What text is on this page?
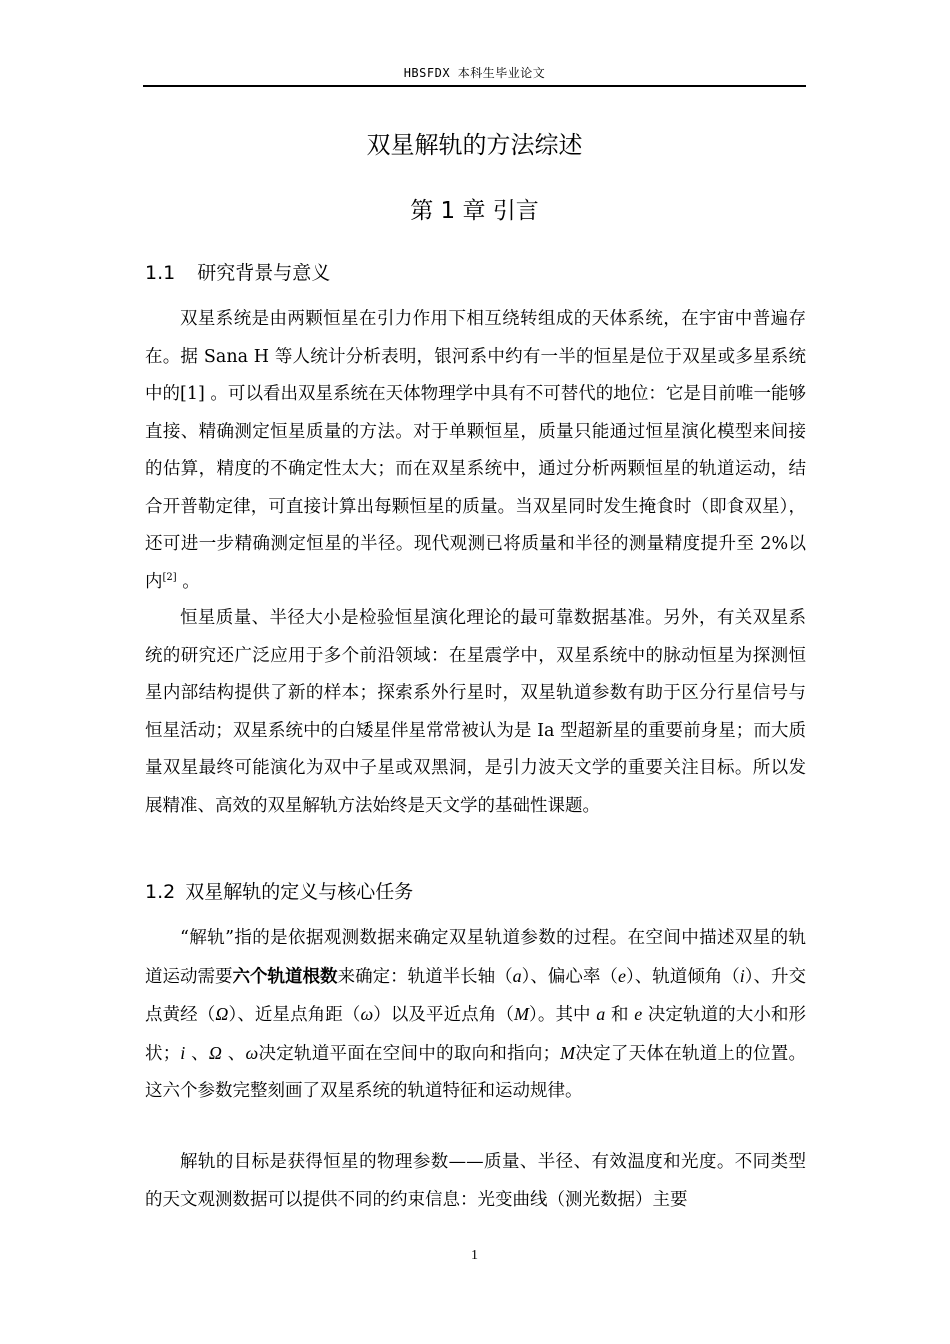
HBSFDX 本科生毕业论文
双星解轨的方法综述
第 1 章 引言
1.1 研究背景与意义

双星系统是由两颗恒星在引力作用下相互绕转组成的天体系统，在宇宙中普遍存在。据 Sana H 等人统计分析表明，银河系中约有一半的恒星是位于双星或多星系统中的[1] 。可以看出双星系统在天体物理学中具有不可替代的地位：它是目前唯一能够直接、精确测定恒星质量的方法。对于单颗恒星，质量只能通过恒星演化模型来间接的估算，精度的不确定性太大；而在双星系统中，通过分析两颗恒星的轨道运动，结合开普勒定律，可直接计算出每颗恒星的质量。当双星同时发生掩食时（即食双星），还可进一步精确测定恒星的半径。现代观测已将质量和半径的测量精度提升至 2%以内[2] 。

恒星质量、半径大小是检验恒星演化理论的最可靠数据基准。另外，有关双星系统的研究还广泛应用于多个前沿领域：在星震学中，双星系统中的脉动恒星为探测恒星内部结构提供了新的样本；探索系外行星时，双星轨道参数有助于区分行星信号与恒星活动；双星系统中的白矮星伴星常常被认为是 Ia 型超新星的重要前身星；而大质量双星最终可能演化为双中子星或双黑洞，是引力波天文学的重要关注目标。所以发展精准、高效的双星解轨方法始终是天文学的基础性课题。

1.2 双星解轨的定义与核心任务

“解轨”指的是依据观测数据来确定双星轨道参数的过程。在空间中描述双星的轨道运动需要六个轨道根数来确定：轨道半长轴（a）、偏心率（e）、轨道倾角（i）、升交点黄经（Ω）、近星点角距（ω）以及平近点角（M）。其中 a 和 e 决定轨道的大小和形状；i 、Ω 、ω决定轨道平面在空间中的取向和指向；M决定了天体在轨道上的位置。这六个参数完整刻画了双星系统的轨道特征和运动规律。

解轨的目标是获得恒星的物理参数——质量、半径、有效温度和光度。不同类型的天文观测数据可以提供不同的约束信息：光变曲线（测光数据）主要

1
